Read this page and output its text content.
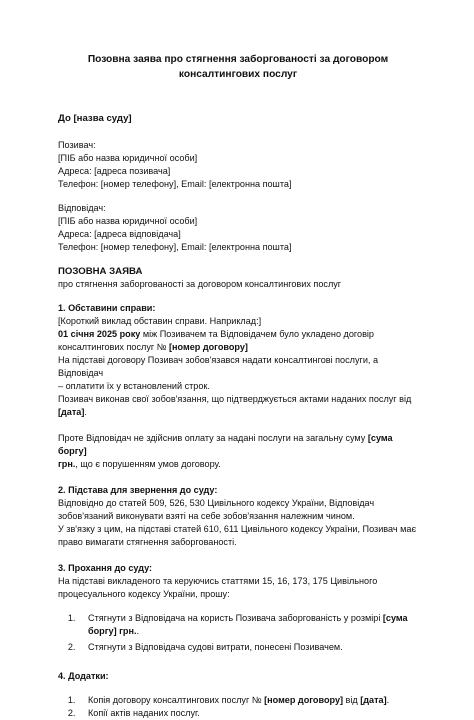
Позовна заява про стягнення заборгованості за договором
консалтингових послуг
До [назва суду]
Позивач:
[ПІБ або назва юридичної особи]
Адреса: [адреса позивача]
Телефон: [номер телефону], Email: [електронна пошта]
Відповідач:
[ПІБ або назва юридичної особи]
Адреса: [адреса відповідача]
Телефон: [номер телефону], Email: [електронна пошта]
ПОЗОВНА ЗАЯВА
про стягнення заборгованості за договором консалтингових послуг
1. Обставини справи:
[Короткий виклад обставин справи. Наприклад:]
01 січня 2025 року між Позивачем та Відповідачем було укладено договір
консалтингових послуг № [номер договору]
На підставі договору Позивач зобов'язався надати консалтингові послуги, а Відповідач
– оплатити їх у встановлений строк.
Позивач виконав свої зобов'язання, що підтверджується актами наданих послуг від
[дата].
Проте Відповідач не здійснив оплату за надані послуги на загальну суму [сума боргу]
грн., що є порушенням умов договору.
2. Підстава для звернення до суду:
Відповідно до статей 509, 526, 530 Цивільного кодексу України, Відповідач
зобов'язаний виконувати взяті на себе зобов'язання належним чином.
У зв'язку з цим, на підставі статей 610, 611 Цивільного кодексу України, Позивач має
право вимагати стягнення заборгованості.
3. Прохання до суду:
На підставі викладеного та керуючись статтями 15, 16, 173, 175 Цивільного
процесуального кодексу України, прошу:
1. Стягнути з Відповідача на користь Позивача заборгованість у розмірі [сума
боргу] грн..
2. Стягнути з Відповідача судові витрати, понесені Позивачем.
4. Додатки:
1. Копія договору консалтингових послуг № [номер договору] від [дата].
2. Копії актів наданих послуг.
